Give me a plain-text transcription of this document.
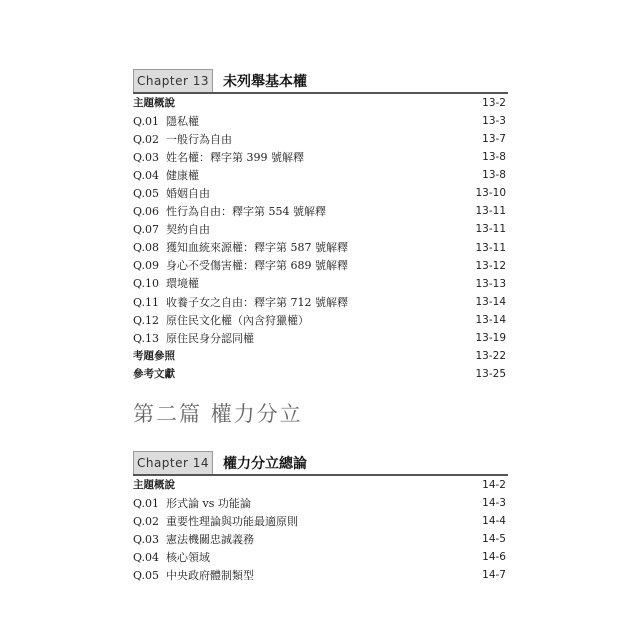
Chapter 13 未列舉基本權
主題概說	13-2
Q.01 隱私權	13-3
Q.02 一般行為自由	13-7
Q.03 姓名權：釋字第 399 號解釋	13-8
Q.04 健康權	13-8
Q.05 婚姻自由	13-10
Q.06 性行為自由：釋字第 554 號解釋	13-11
Q.07 契約自由	13-11
Q.08 獲知血統來源權：釋字第 587 號解釋	13-11
Q.09 身心不受傷害權：釋字第 689 號解釋	13-12
Q.10 環境權	13-13
Q.11 收養子女之自由：釋字第 712 號解釋	13-14
Q.12 原住民文化權（內含狩獵權）	13-14
Q.13 原住民身分認同權	13-19
考題參照	13-22
參考文獻	13-25
第二篇 權力分立
Chapter 14 權力分立總論
主題概說	14-2
Q.01 形式論 vs 功能論	14-3
Q.02 重要性理論與功能最適原則	14-4
Q.03 憲法機關忠誠義務	14-5
Q.04 核心領域	14-6
Q.05 中央政府體制類型	14-7
